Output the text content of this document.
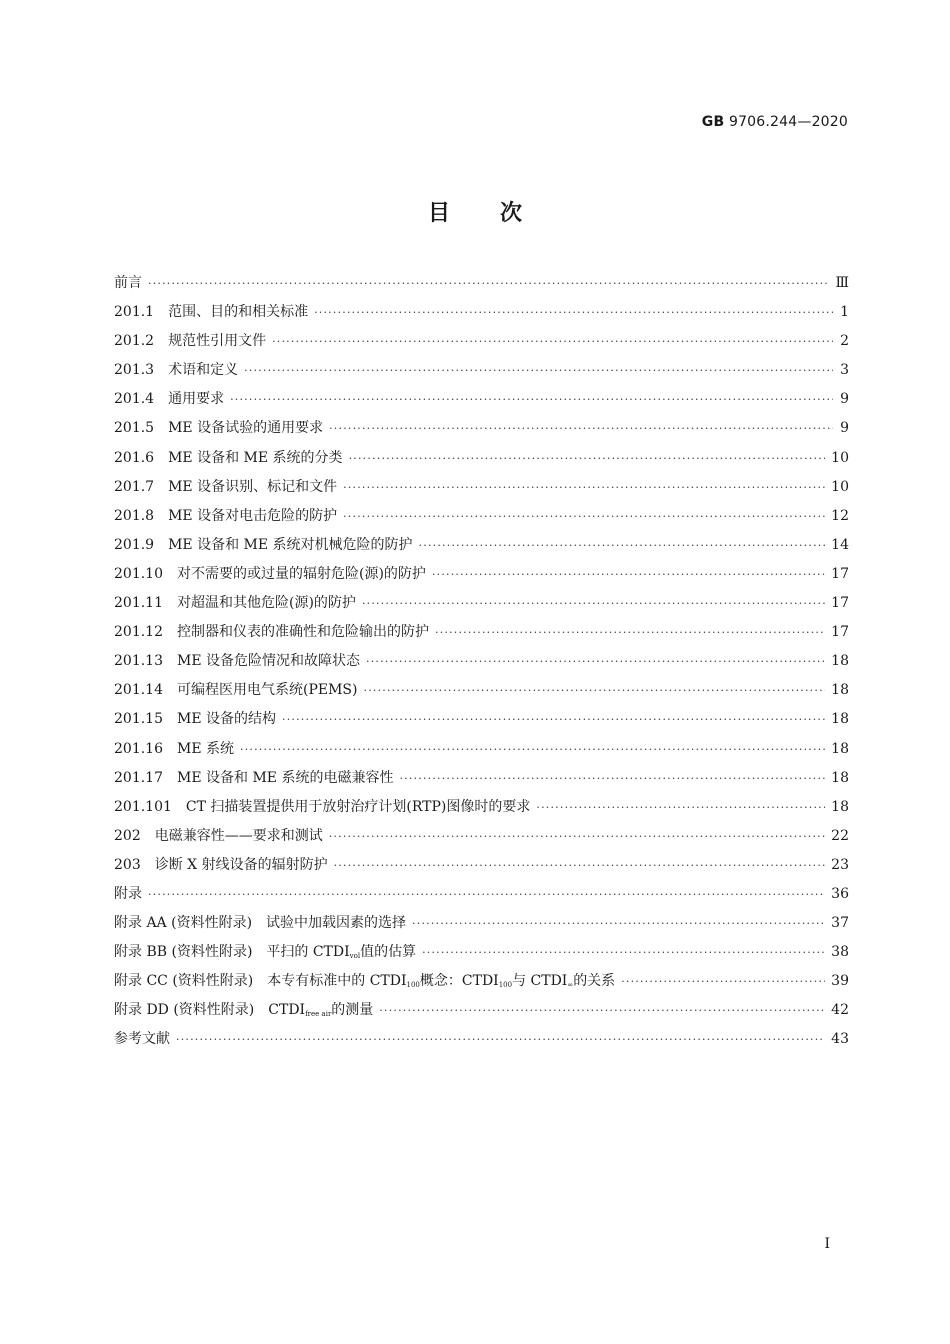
GB 9706.244—2020
目次
前言 ·····	Ⅲ
201.1 范围、目的和相关标准 ·····	1
201.2 规范性引用文件 ·····	2
201.3 术语和定义 ·····	3
201.4 通用要求 ·····	9
201.5 ME 设备试验的通用要求 ·····	9
201.6 ME 设备和 ME 系统的分类 ·····	10
201.7 ME 设备识别、标记和文件 ·····	10
201.8 ME 设备对电击危险的防护 ·····	12
201.9 ME 设备和 ME 系统对机械危险的防护 ·····	14
201.10 对不需要的或过量的辐射危险(源)的防护 ·····	17
201.11 对超温和其他危险(源)的防护 ·····	17
201.12 控制器和仪表的准确性和危险输出的防护 ·····	17
201.13 ME 设备危险情况和故障状态 ·····	18
201.14 可编程医用电气系统(PEMS) ·····	18
201.15 ME 设备的结构 ·····	18
201.16 ME 系统 ·····	18
201.17 ME 设备和 ME 系统的电磁兼容性 ·····	18
201.101 CT 扫描装置提供用于放射治疗计划(RTP)图像时的要求 ·····	18
202 电磁兼容性——要求和测试 ·····	22
203 诊断 X 射线设备的辐射防护 ·····	23
附录 ·····	36
附录 AA (资料性附录)　试验中加载因素的选择 ·····	37
附录 BB (资料性附录)　平扫的 $CTDI_{vol}$值的估算 ·····	38
附录 CC (资料性附录)　本专有标准中的 $CTDI_{100}$概念：$CTDI_{100}$与 $CTDI_\infty$的关系 ·····	39
附录 DD (资料性附录)　$CTDI_{free air}$的测量 ·····	42
参考文献 ·····	43
I
